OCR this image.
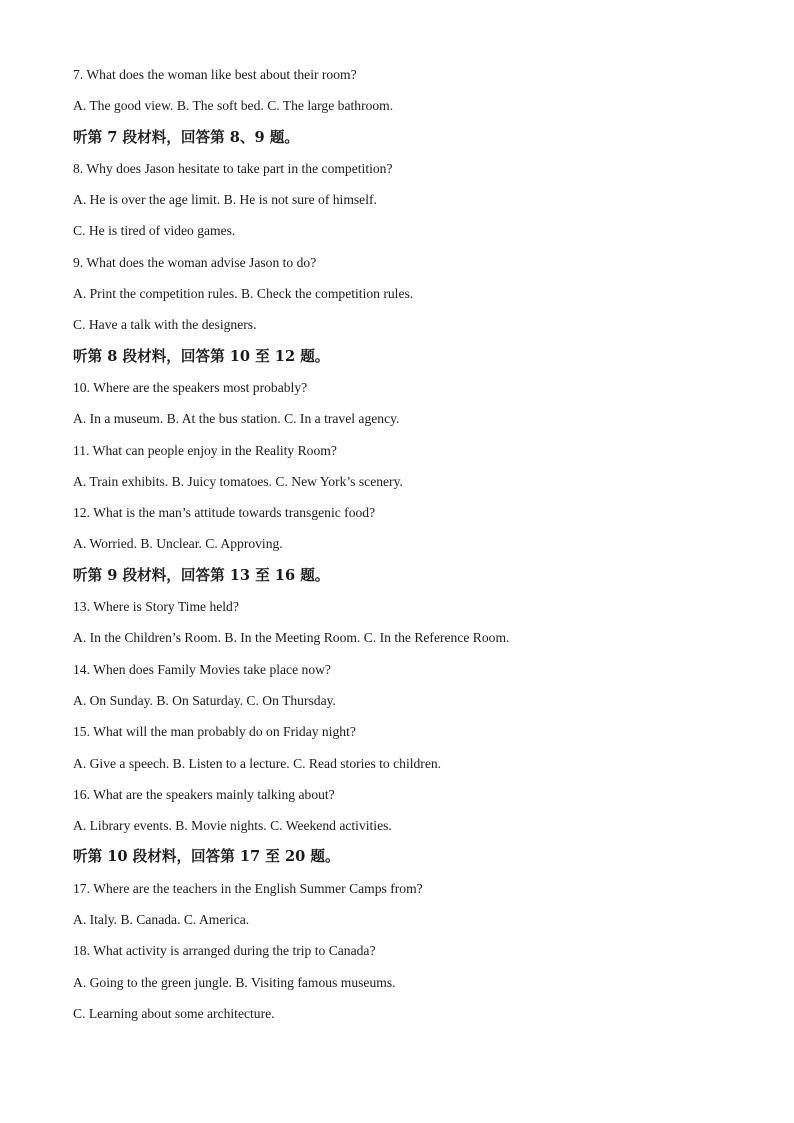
7. What does the woman like best about their room?
A. The good view. B. The soft bed. C. The large bathroom.
听第 7 段材料，回答第 8、9 题。
8. Why does Jason hesitate to take part in the competition?
A. He is over the age limit. B. He is not sure of himself.
C. He is tired of video games.
9. What does the woman advise Jason to do?
A. Print the competition rules. B. Check the competition rules.
C. Have a talk with the designers.
听第 8 段材料，回答第 10 至 12 题。
10. Where are the speakers most probably?
A. In a museum. B. At the bus station. C. In a travel agency.
11. What can people enjoy in the Reality Room?
A. Train exhibits. B. Juicy tomatoes. C. New York’s scenery.
12. What is the man’s attitude towards transgenic food?
A. Worried. B. Unclear. C. Approving.
听第 9 段材料，回答第 13 至 16 题。
13. Where is Story Time held?
A. In the Children’s Room. B. In the Meeting Room. C. In the Reference Room.
14. When does Family Movies take place now?
A. On Sunday. B. On Saturday. C. On Thursday.
15. What will the man probably do on Friday night?
A. Give a speech. B. Listen to a lecture. C. Read stories to children.
16. What are the speakers mainly talking about?
A. Library events. B. Movie nights. C. Weekend activities.
听第 10 段材料，回答第 17 至 20 题。
17. Where are the teachers in the English Summer Camps from?
A. Italy. B. Canada. C. America.
18. What activity is arranged during the trip to Canada?
A. Going to the green jungle. B. Visiting famous museums.
C. Learning about some architecture.
